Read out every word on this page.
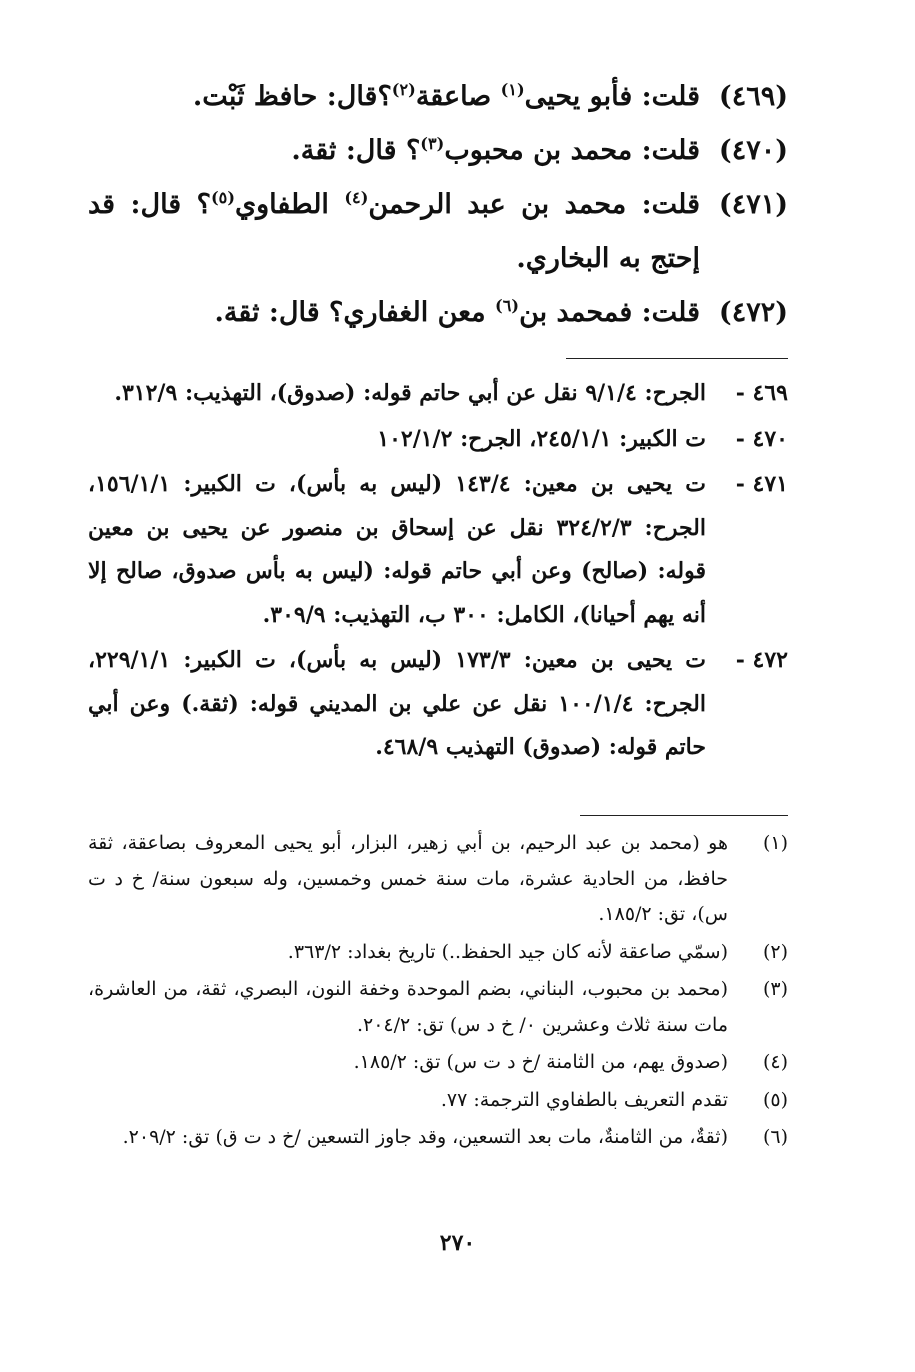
(٤٦٩)
قلت: فأبو يحيى$^{(١)}$ صاعقة$^{(٢)}$؟قال: حافظ ثَبْت.
(٤٧٠)
قلت: محمد بن محبوب$^{(٣)}$؟ قال: ثقة.
(٤٧١)
قلت: محمد بن عبد الرحمن$^{(٤)}$ الطفاوي$^{(٥)}$؟ قال: قد إحتج به البخاري.
(٤٧٢)
قلت: فمحمد بن$^{(٦)}$ معن الغفاري؟ قال: ثقة.
٤٦٩ -
الجرح: ٩/١/٤ نقل عن أبي حاتم قوله: (صدوق)، التهذيب: ٣١٢/٩.
٤٧٠ -
ت الكبير: ٢٤٥/١/١، الجرح: ١٠٢/١/٢
٤٧١ -
ت يحيى بن معين: ١٤٣/٤ (ليس به بأس)، ت الكبير: ١٥٦/١/١، الجرح: ٣٢٤/٢/٣ نقل عن إسحاق بن منصور عن يحيى بن معين قوله: (صالح) وعن أبي حاتم قوله: (ليس به بأس صدوق، صالح إلا أنه يهم أحيانا)، الكامل: ٣٠٠ ب، التهذيب: ٣٠٩/٩.
٤٧٢ -
ت يحيى بن معين: ١٧٣/٣ (ليس به بأس)، ت الكبير: ٢٢٩/١/١، الجرح: ١٠٠/١/٤ نقل عن علي بن المديني قوله: (ثقة.) وعن أبي حاتم قوله: (صدوق) التهذيب ٤٦٨/٩.
(١)
هو (محمد بن عبد الرحيم، بن أبي زهير، البزار، أبو يحيى المعروف بصاعقة، ثقة حافظ، من الحادية عشرة، مات سنة خمس وخمسين، وله سبعون سنة/ خ د ت س)، تق: ١٨٥/٢.
(٢)
(سمّي صاعقة لأنه كان جيد الحفظ..) تاريخ بغداد: ٣٦٣/٢.
(٣)
(محمد بن محبوب، البناني، بضم الموحدة وخفة النون، البصري، ثقة، من العاشرة، مات سنة ثلاث وعشرين ٠/ خ د س) تق: ٢٠٤/٢.
(٤)
(صدوق يهم، من الثامنة /خ د ت س) تق: ١٨٥/٢.
(٥)
تقدم التعريف بالطفاوي الترجمة: ٧٧.
(٦)
(ثقةٌ، من الثامنةٌ، مات بعد التسعين، وقد جاوز التسعين /خ د ت ق) تق: ٢٠٩/٢.
٢٧٠
